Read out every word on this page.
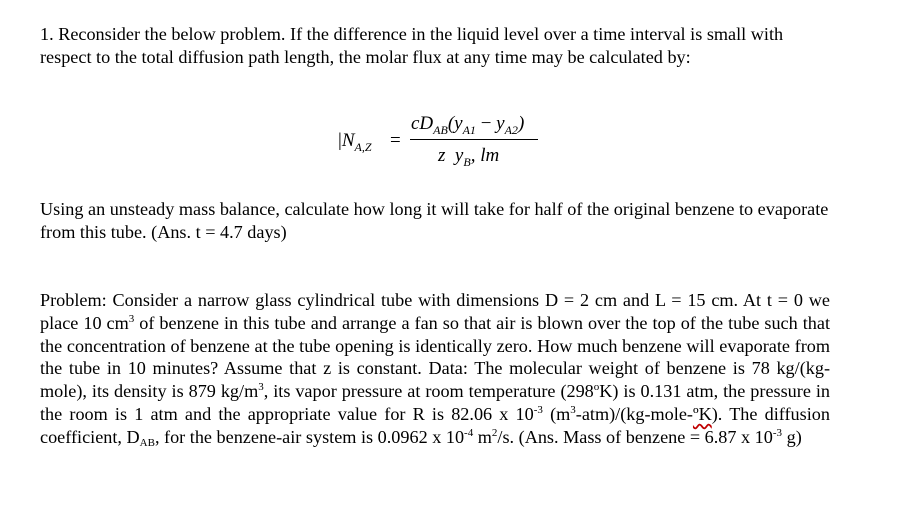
1. Reconsider the below problem. If the difference in the liquid level over a time interval is small with respect to the total diffusion path length, the molar flux at any time may be calculated by:

$|N_{A,Z}$ =
$cD_{AB}(y_{A1} - y_{A2})$
z $y_B$, lm

Using an unsteady mass balance, calculate how long it will take for half of the original benzene to evaporate from this tube. (Ans. t = 4.7 days)

Problem: Consider a narrow glass cylindrical tube with dimensions D = 2 cm and L = 15 cm. At t = 0 we place 10 $cm^3$ of benzene in this tube and arrange a fan so that air is blown over the top of the tube such that the concentration of benzene at the tube opening is identically zero. How much benzene will evaporate from the tube in 10 minutes? Assume that z is constant. Data: The molecular weight of benzene is 78 kg/(kg-mole), its density is 879 $kg/m^3$, its vapor pressure at room temperature (298$^o$K) is 0.131 atm, the pressure in the room is 1 atm and the appropriate value for R is 82.06 x $10^{-3}$ $(m^3-atm)/(kg-mole-ºK)$. The diffusion coefficient, $D_{AB}$, for the benzene-air system is 0.0962 x $10^{-4}$ $m^2/s$. (Ans. Mass of benzene = 6.87 x $10^{-3}$ g)
